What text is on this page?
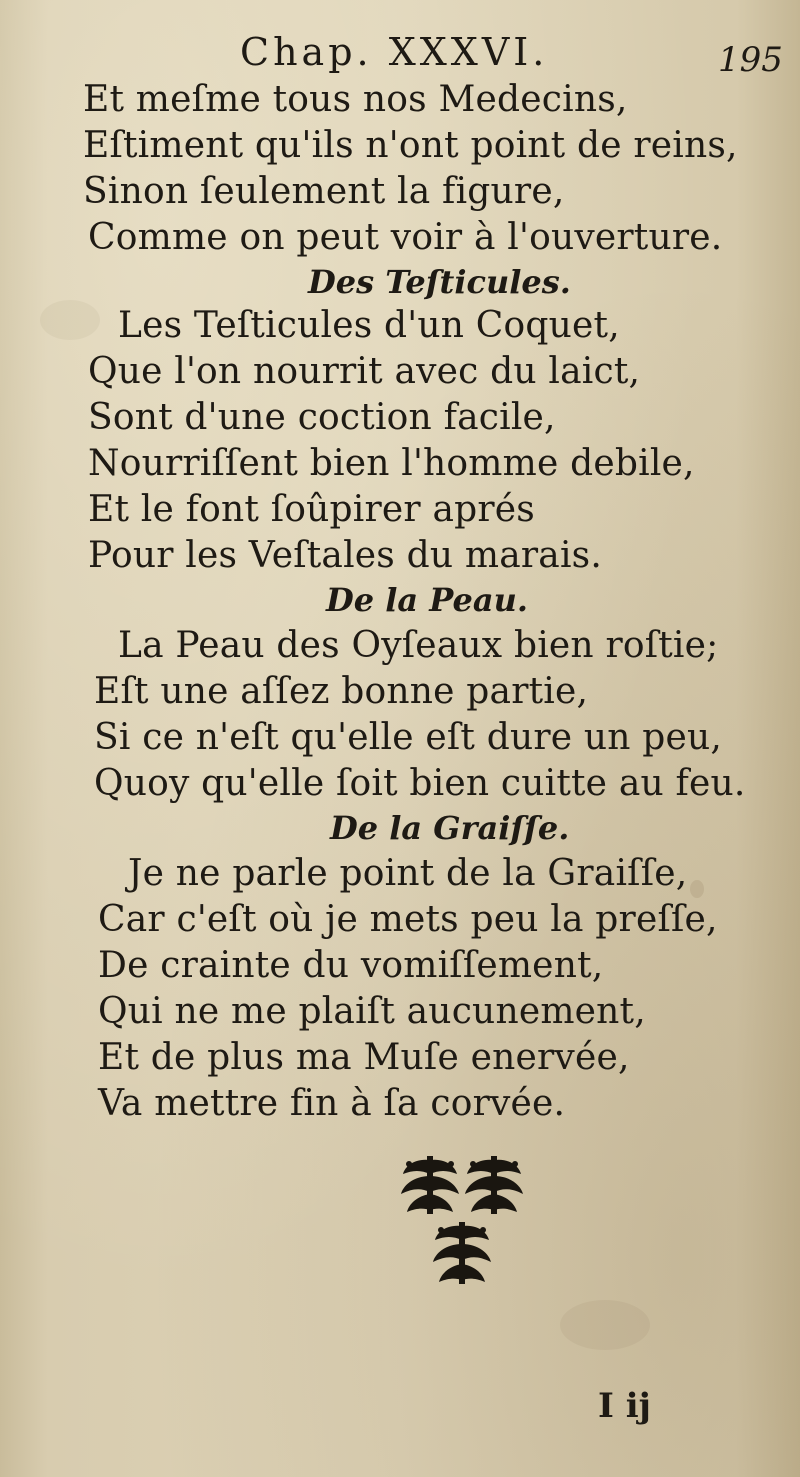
Chap. XXXVI.	195
Et meſme tous nos Medecins,
Eſtiment qu'ils n'ont point de reins,
Sinon ſeulement la figure,
Comme on peut voir à l'ouverture.
Des Teſticules.
Les Teſticules d'un Coquet,
Que l'on nourrit avec du laict,
Sont d'une coction facile,
Nourriſſent bien l'homme debile,
Et le font ſoûpirer aprés
Pour les Veſtales du marais.
De la Peau.
La Peau des Oyſeaux bien roſtie;
Eſt une aſſez bonne partie,
Si ce n'eſt qu'elle eſt dure un peu,
Quoy qu'elle ſoit bien cuitte au feu.
De la Graiſſe.
Je ne parle point de la Graiſſe,
Car c'eſt où je mets peu la preſſe,
De crainte du vomiſſement,
Qui ne me plaiſt aucunement,
Et de plus ma Muſe enervée,
Va mettre fin à ſa corvée.
I ij
